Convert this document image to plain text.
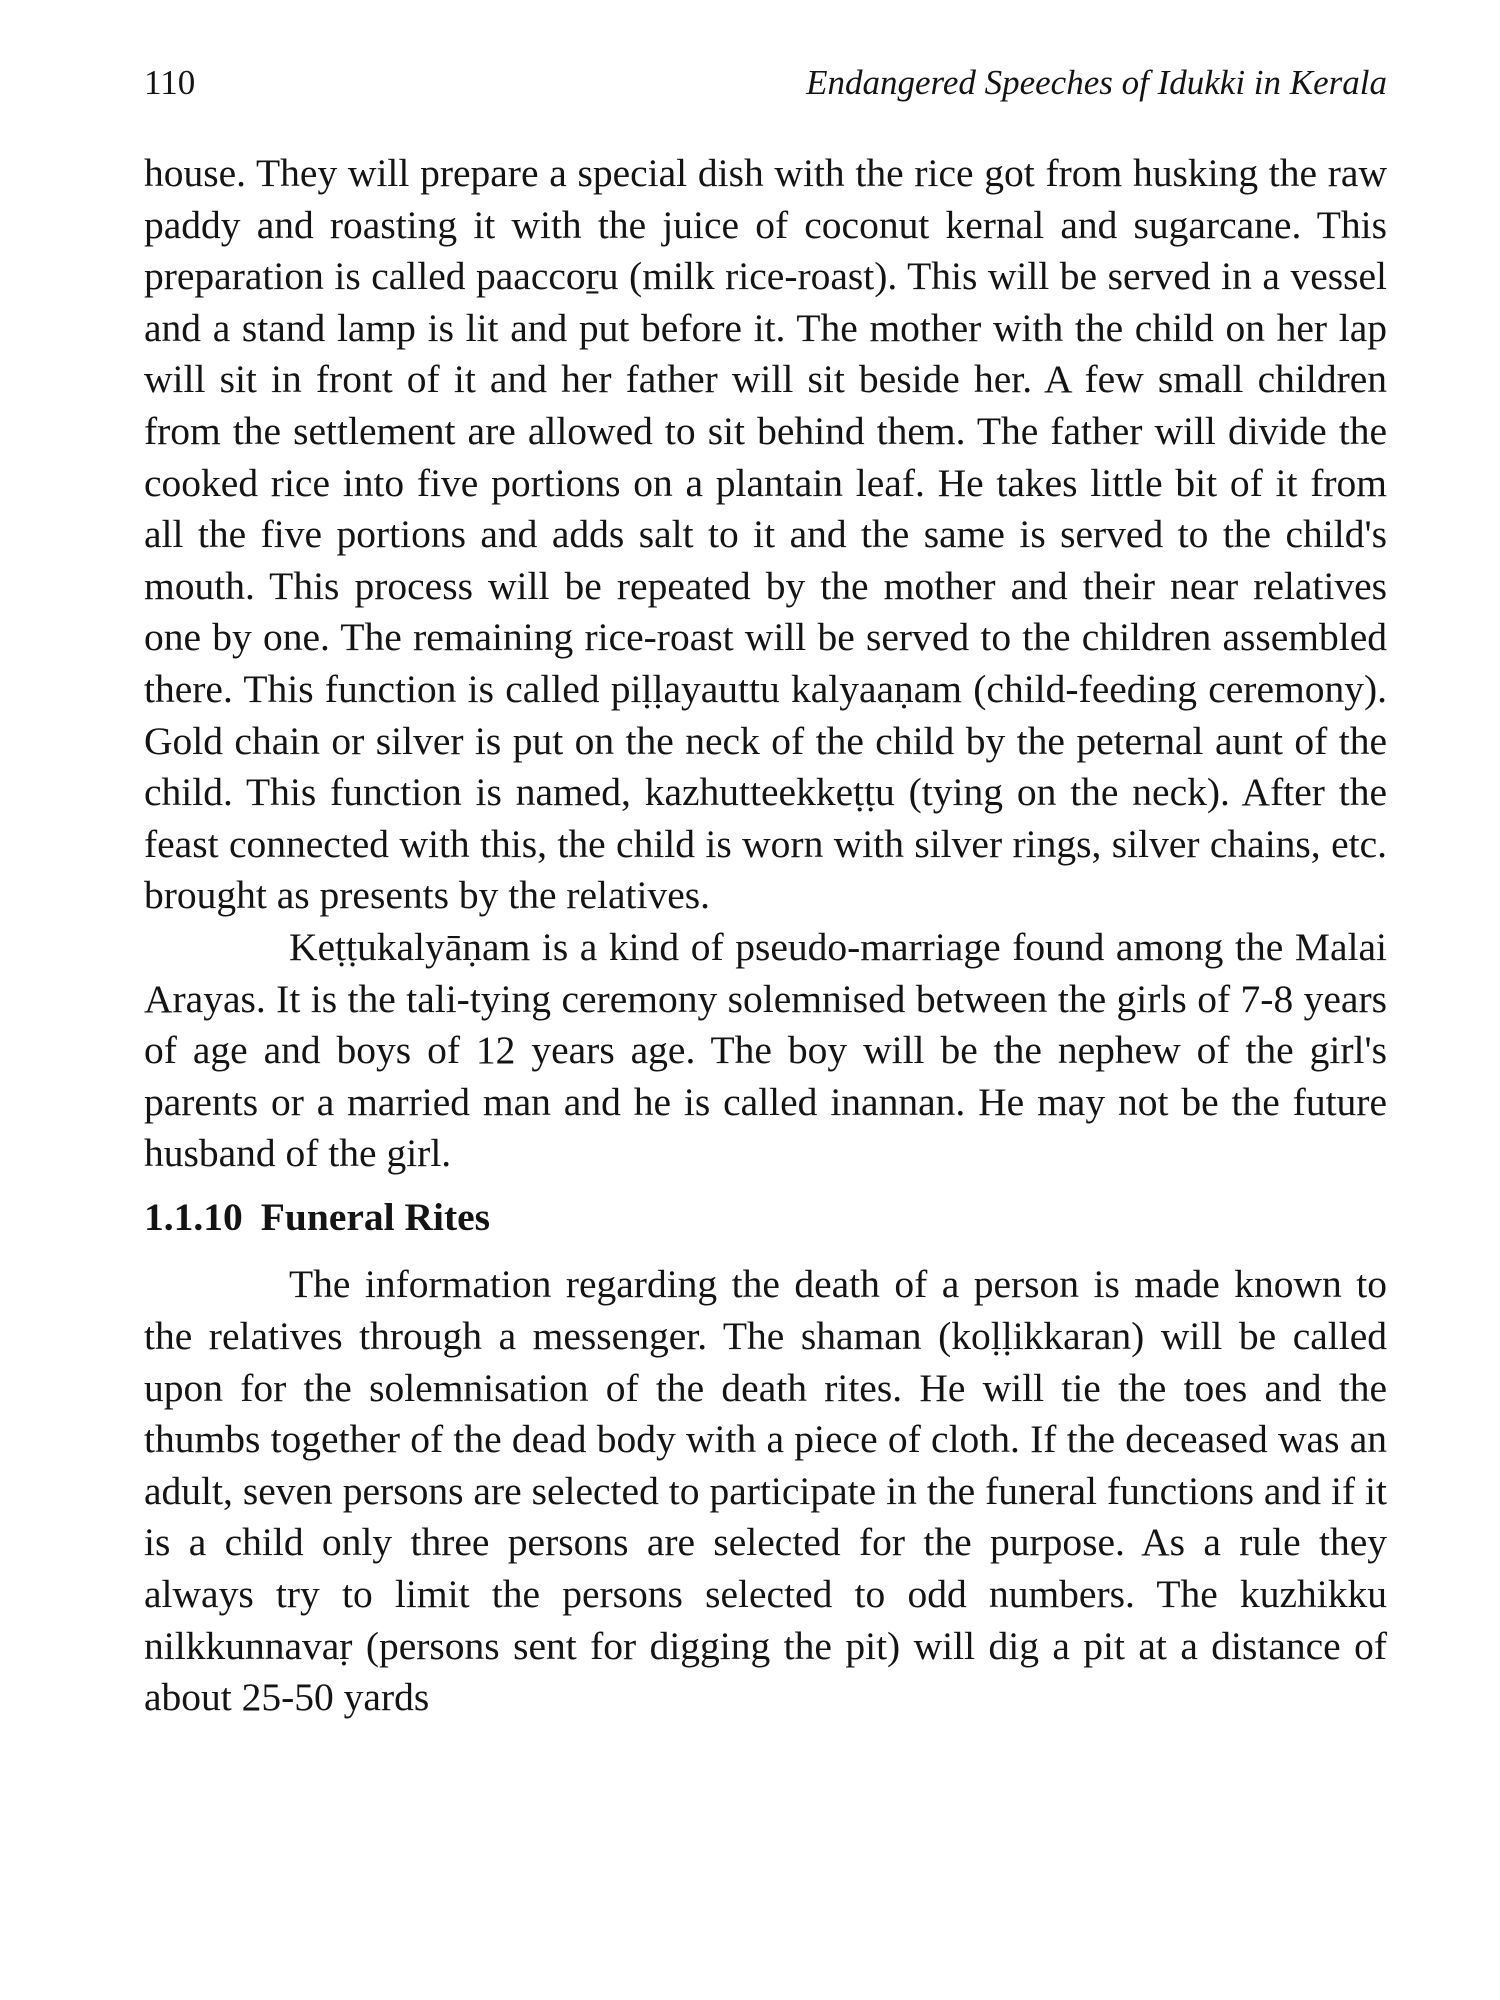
110	Endangered Speeches of Idukki in Kerala

house. They will prepare a special dish with the rice got from husking the raw paddy and roasting it with the juice of coconut kernal and sugarcane. This preparation is called paaccoṟu (milk rice-roast). This will be served in a vessel and a stand lamp is lit and put before it. The mother with the child on her lap will sit in front of it and her father will sit beside her. A few small children from the settlement are allowed to sit behind them. The father will divide the cooked rice into five portions on a plantain leaf. He takes little bit of it from all the five portions and adds salt to it and the same is served to the child's mouth. This process will be repeated by the mother and their near relatives one by one. The remaining rice-roast will be served to the children assembled there. This function is called piḷḷayauttu kalyaaṇam (child-feeding ceremony). Gold chain or silver is put on the neck of the child by the peternal aunt of the child. This function is named, kazhutteekkeṭṭu (tying on the neck). After the feast connected with this, the child is worn with silver rings, silver chains, etc. brought as presents by the relatives.

Keṭṭukalyāṇam is a kind of pseudo-marriage found among the Malai Arayas. It is the tali-tying ceremony solemnised between the girls of 7-8 years of age and boys of 12 years age. The boy will be the nephew of the girl's parents or a married man and he is called inannan. He may not be the future husband of the girl.

1.1.10 Funeral Rites

The information regarding the death of a person is made known to the relatives through a messenger. The shaman (koḷḷikkaran) will be called upon for the solemnisation of the death rites. He will tie the toes and the thumbs together of the dead body with a piece of cloth. If the deceased was an adult, seven persons are selected to participate in the funeral functions and if it is a child only three persons are selected for the purpose. As a rule they always try to limit the persons selected to odd numbers. The kuzhikku nilkkunnavaṛ (persons sent for digging the pit) will dig a pit at a distance of about 25-50 yards
